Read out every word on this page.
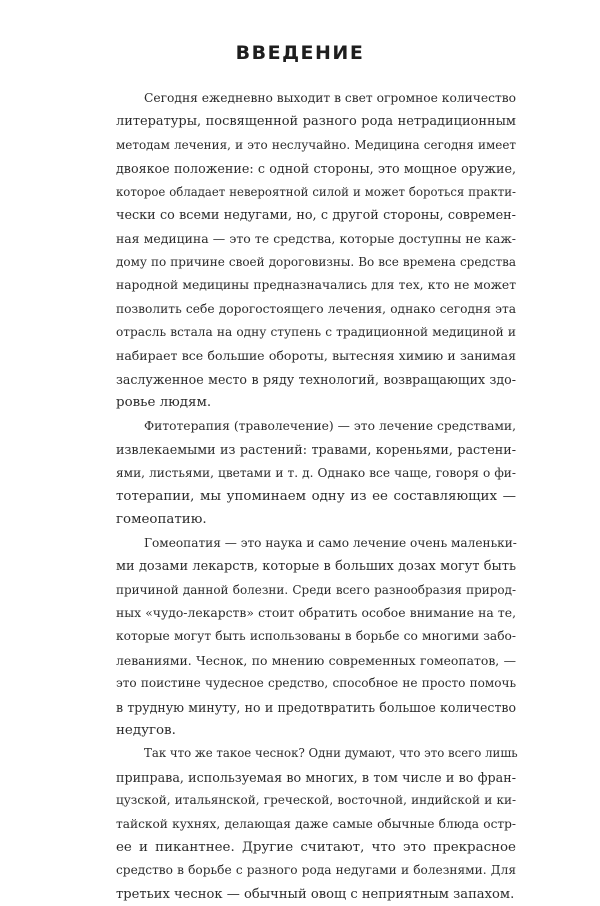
ВВЕДЕНИЕ
Сегодня ежедневно выходит в свет огромное количество
литературы, посвященной разного рода нетрадиционным
методам лечения, и это неслучайно. Медицина сегодня имеет
двоякое положение: с одной стороны, это мощное оружие,
которое обладает невероятной силой и может бороться практи-
чески со всеми недугами, но, с другой стороны, современ-
ная медицина — это те средства, которые доступны не каж-
дому по причине своей дороговизны. Во все времена средства
народной медицины предназначались для тех, кто не может
позволить себе дорогостоящего лечения, однако сегодня эта
отрасль встала на одну ступень с традиционной медициной и
набирает все большие обороты, вытесняя химию и занимая
заслуженное место в ряду технологий, возвращающих здо-
ровье людям.
Фитотерапия (траволечение) — это лечение средствами,
извлекаемыми из растений: травами, кореньями, растени-
ями, листьями, цветами и т. д. Однако все чаще, говоря о фи-
тотерапии, мы упоминаем одну из ее составляющих —
гомеопатию.
Гомеопатия — это наука и само лечение очень маленьки-
ми дозами лекарств, которые в больших дозах могут быть
причиной данной болезни. Среди всего разнообразия природ-
ных «чудо-лекарств» стоит обратить особое внимание на те,
которые могут быть использованы в борьбе со многими забо-
леваниями. Чеснок, по мнению современных гомеопатов, —
это поистине чудесное средство, способное не просто помочь
в трудную минуту, но и предотвратить большое количество
недугов.
Так что же такое чеснок? Одни думают, что это всего лишь
приправа, используемая во многих, в том числе и во фран-
цузской, итальянской, греческой, восточной, индийской и ки-
тайской кухнях, делающая даже самые обычные блюда остр-
ее и пикантнее. Другие считают, что это прекрасное
средство в борьбе с разного рода недугами и болезнями. Для
третьих чеснок — обычный овощ с неприятным запахом.
